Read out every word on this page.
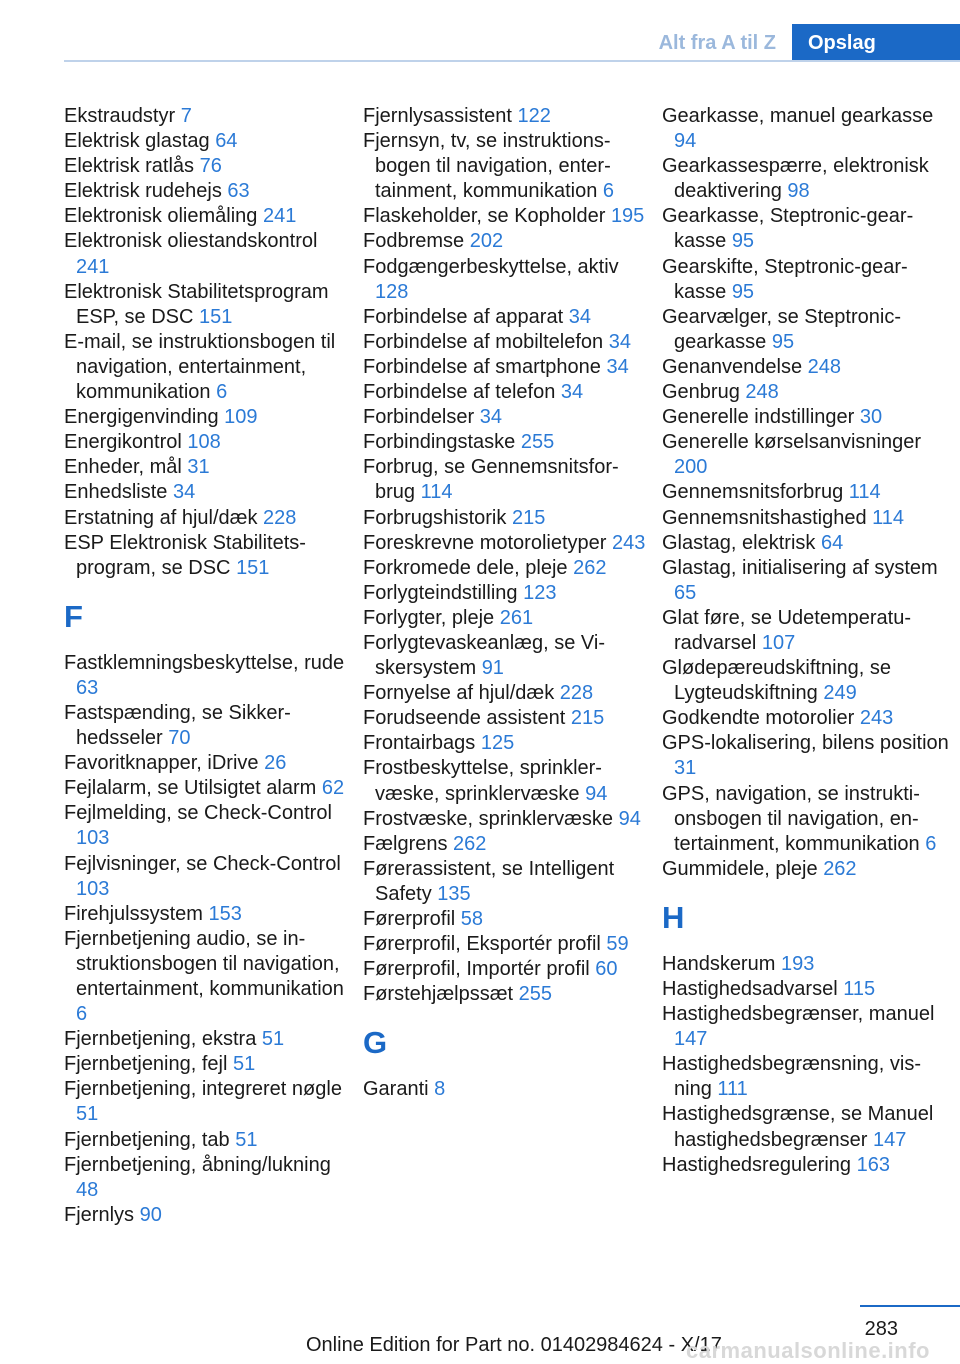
Alt fra A til Z	Opslag
Ekstraudstyr 7
Elektrisk glastag 64
Elektrisk ratlås 76
Elektrisk rudehejs 63
Elektronisk oliemåling 241
Elektronisk oliestandskontrol 241
Elektronisk Stabilitetsprogram ESP, se DSC 151
E-mail, se instruktionsbogen til navigation, entertainment, kommunikation 6
Energigenvinding 109
Energikontrol 108
Enheder, mål 31
Enhedsliste 34
Erstatning af hjul/dæk 228
ESP Elektronisk Stabilitetsprogram, se DSC 151
F
Fastklemningsbeskyttelse, rude 63
Fastspænding, se Sikkerhedsseler 70
Favoritknapper, iDrive 26
Fejlalarm, se Utilsigtet alarm 62
Fejlmelding, se Check-Control 103
Fejlvisninger, se Check-Control 103
Firehjulssystem 153
Fjernbetjening audio, se instruktionsbogen til navigation, entertainment, kommunikation 6
Fjernbetjening, ekstra 51
Fjernbetjening, fejl 51
Fjernbetjening, integreret nøgle 51
Fjernbetjening, tab 51
Fjernbetjening, åbning/​lukning 48
Fjernlys 90
Fjernlysassistent 122
Fjernsyn, tv, se instruktionsbogen til navigation, entertainment, kommunikation 6
Flaskeholder, se Kopholder 195
Fodbremse 202
Fodgængerbeskyttelse, aktiv 128
Forbindelse af apparat 34
Forbindelse af mobiltelefon 34
Forbindelse af smartphone 34
Forbindelse af telefon 34
Forbindelser 34
Forbindingstaske 255
Forbrug, se Gennemsnitsforbrug 114
Forbrugshistorik 215
Foreskrevne motorolietyper 243
Forkromede dele, pleje 262
Forlygteindstilling 123
Forlygter, pleje 261
Forlygtevaskeanlæg, se Viskersystem 91
Fornyelse af hjul/dæk 228
Forudseende assistent 215
Frontairbags 125
Frostbeskyttelse, sprinklervæske, sprinklervæske 94
Frostvæske, sprinklervæske 94
Fælgrens 262
Førerassistent, se Intelligent Safety 135
Førerprofil 58
Førerprofil, Eksportér profil 59
Førerprofil, Importér profil 60
Førstehjælpssæt 255
G
Garanti 8
Gearkasse, manuel gearkasse 94
Gearkassespærre, elektronisk deaktivering 98
Gearkasse, Steptronic-gearkasse 95
Gearskifte, Steptronic-gearkasse 95
Gearvælger, se Steptronic-gearkasse 95
Genanvendelse 248
Genbrug 248
Generelle indstillinger 30
Generelle kørselsanvisninger 200
Gennemsnitsforbrug 114
Gennemsnitshastighed 114
Glastag, elektrisk 64
Glastag, initialisering af system 65
Glat føre, se Udetemperaturadvarsel 107
Glødepæreudskiftning, se Lygteudskiftning 249
Godkendte motorolier 243
GPS-lokalisering, bilens position 31
GPS, navigation, se instruktionsbogen til navigation, entertainment, kommunikation 6
Gummidele, pleje 262
H
Handskerum 193
Hastighedsadvarsel 115
Hastighedsbegrænser, manuel 147
Hastighedsbegrænsning, visning 111
Hastighedsgrænse, se Manuel hastighedsbegrænser 147
Hastighedsregulering 163
283
Online Edition for Part no. 01402984624 - X/17
carmanualsonline.info
